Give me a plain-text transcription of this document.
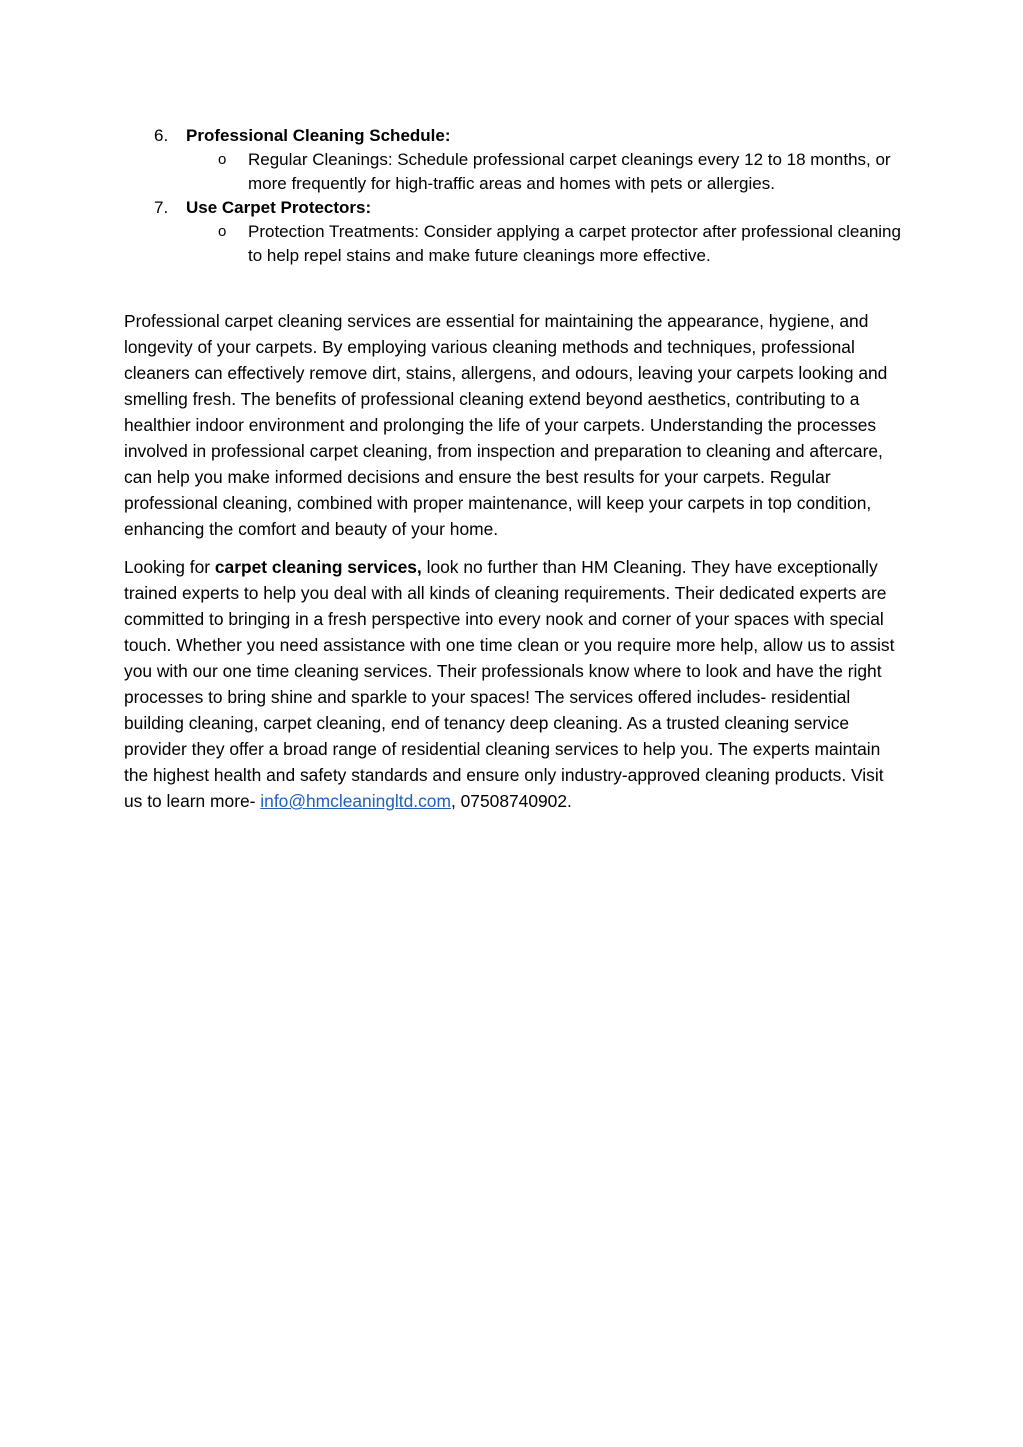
6. Professional Cleaning Schedule:
o Regular Cleanings: Schedule professional carpet cleanings every 12 to 18 months, or more frequently for high-traffic areas and homes with pets or allergies.
7. Use Carpet Protectors:
o Protection Treatments: Consider applying a carpet protector after professional cleaning to help repel stains and make future cleanings more effective.

Professional carpet cleaning services are essential for maintaining the appearance, hygiene, and longevity of your carpets. By employing various cleaning methods and techniques, professional cleaners can effectively remove dirt, stains, allergens, and odours, leaving your carpets looking and smelling fresh. The benefits of professional cleaning extend beyond aesthetics, contributing to a healthier indoor environment and prolonging the life of your carpets. Understanding the processes involved in professional carpet cleaning, from inspection and preparation to cleaning and aftercare, can help you make informed decisions and ensure the best results for your carpets. Regular professional cleaning, combined with proper maintenance, will keep your carpets in top condition, enhancing the comfort and beauty of your home.

Looking for carpet cleaning services, look no further than HM Cleaning. They have exceptionally trained experts to help you deal with all kinds of cleaning requirements. Their dedicated experts are committed to bringing in a fresh perspective into every nook and corner of your spaces with special touch. Whether you need assistance with one time clean or you require more help, allow us to assist you with our one time cleaning services. Their professionals know where to look and have the right processes to bring shine and sparkle to your spaces! The services offered includes- residential building cleaning, carpet cleaning, end of tenancy deep cleaning. As a trusted cleaning service provider they offer a broad range of residential cleaning services to help you. The experts maintain the highest health and safety standards and ensure only industry-approved cleaning products. Visit us to learn more- info@hmcleaningltd.com, 07508740902.
